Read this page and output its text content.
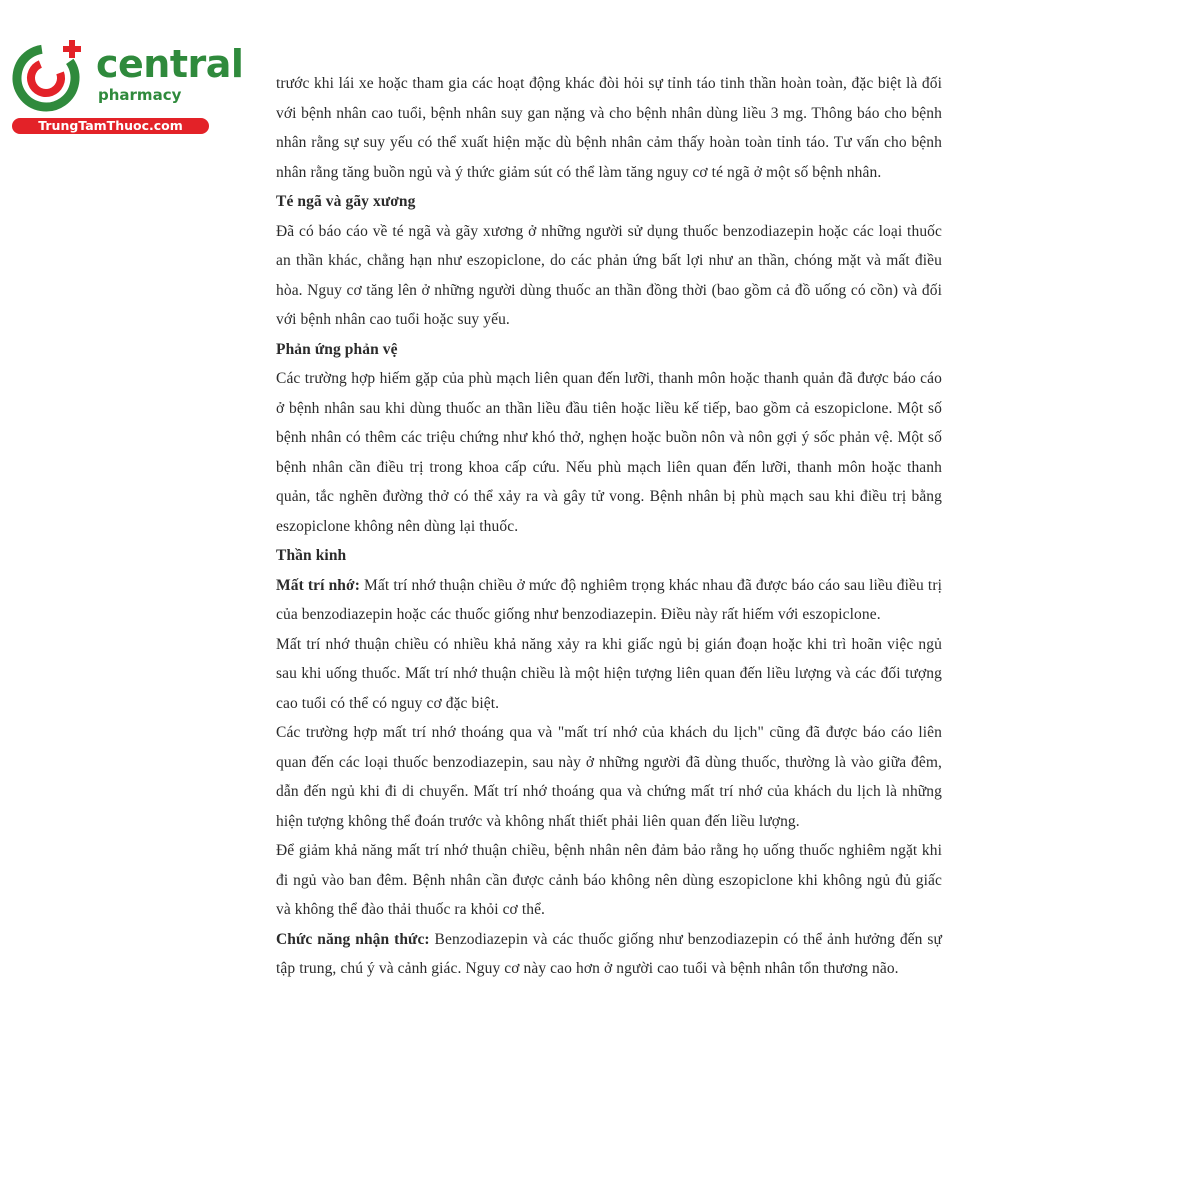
central
pharmacy
TrungTamThuoc.com

trước khi lái xe hoặc tham gia các hoạt động khác đòi hỏi sự tỉnh táo tinh thần hoàn toàn, đặc biệt là đối với bệnh nhân cao tuổi, bệnh nhân suy gan nặng và cho bệnh nhân dùng liều 3 mg. Thông báo cho bệnh nhân rằng sự suy yếu có thể xuất hiện mặc dù bệnh nhân cảm thấy hoàn toàn tỉnh táo. Tư vấn cho bệnh nhân rằng tăng buồn ngủ và ý thức giảm sút có thể làm tăng nguy cơ té ngã ở một số bệnh nhân.

Té ngã và gãy xương

Đã có báo cáo về té ngã và gãy xương ở những người sử dụng thuốc benzodiazepin hoặc các loại thuốc an thần khác, chẳng hạn như eszopiclone, do các phản ứng bất lợi như an thần, chóng mặt và mất điều hòa. Nguy cơ tăng lên ở những người dùng thuốc an thần đồng thời (bao gồm cả đồ uống có cồn) và đối với bệnh nhân cao tuổi hoặc suy yếu.

Phản ứng phản vệ

Các trường hợp hiếm gặp của phù mạch liên quan đến lưỡi, thanh môn hoặc thanh quản đã được báo cáo ở bệnh nhân sau khi dùng thuốc an thần liều đầu tiên hoặc liều kế tiếp, bao gồm cả eszopiclone. Một số bệnh nhân có thêm các triệu chứng như khó thở, nghẹn hoặc buồn nôn và nôn gợi ý sốc phản vệ. Một số bệnh nhân cần điều trị trong khoa cấp cứu. Nếu phù mạch liên quan đến lưỡi, thanh môn hoặc thanh quản, tắc nghẽn đường thở có thể xảy ra và gây tử vong. Bệnh nhân bị phù mạch sau khi điều trị bằng eszopiclone không nên dùng lại thuốc.

Thần kinh

Mất trí nhớ: Mất trí nhớ thuận chiều ở mức độ nghiêm trọng khác nhau đã được báo cáo sau liều điều trị của benzodiazepin hoặc các thuốc giống như benzodiazepin. Điều này rất hiếm với eszopiclone.

Mất trí nhớ thuận chiều có nhiều khả năng xảy ra khi giấc ngủ bị gián đoạn hoặc khi trì hoãn việc ngủ sau khi uống thuốc. Mất trí nhớ thuận chiều là một hiện tượng liên quan đến liều lượng và các đối tượng cao tuổi có thể có nguy cơ đặc biệt.

Các trường hợp mất trí nhớ thoáng qua và "mất trí nhớ của khách du lịch" cũng đã được báo cáo liên quan đến các loại thuốc benzodiazepin, sau này ở những người đã dùng thuốc, thường là vào giữa đêm, dẫn đến ngủ khi đi di chuyển. Mất trí nhớ thoáng qua và chứng mất trí nhớ của khách du lịch là những hiện tượng không thể đoán trước và không nhất thiết phải liên quan đến liều lượng.

Để giảm khả năng mất trí nhớ thuận chiều, bệnh nhân nên đảm bảo rằng họ uống thuốc nghiêm ngặt khi đi ngủ vào ban đêm. Bệnh nhân cần được cảnh báo không nên dùng eszopiclone khi không ngủ đủ giấc và không thể đào thải thuốc ra khỏi cơ thể.

Chức năng nhận thức: Benzodiazepin và các thuốc giống như benzodiazepin có thể ảnh hưởng đến sự tập trung, chú ý và cảnh giác. Nguy cơ này cao hơn ở người cao tuổi và bệnh nhân tổn thương não.
